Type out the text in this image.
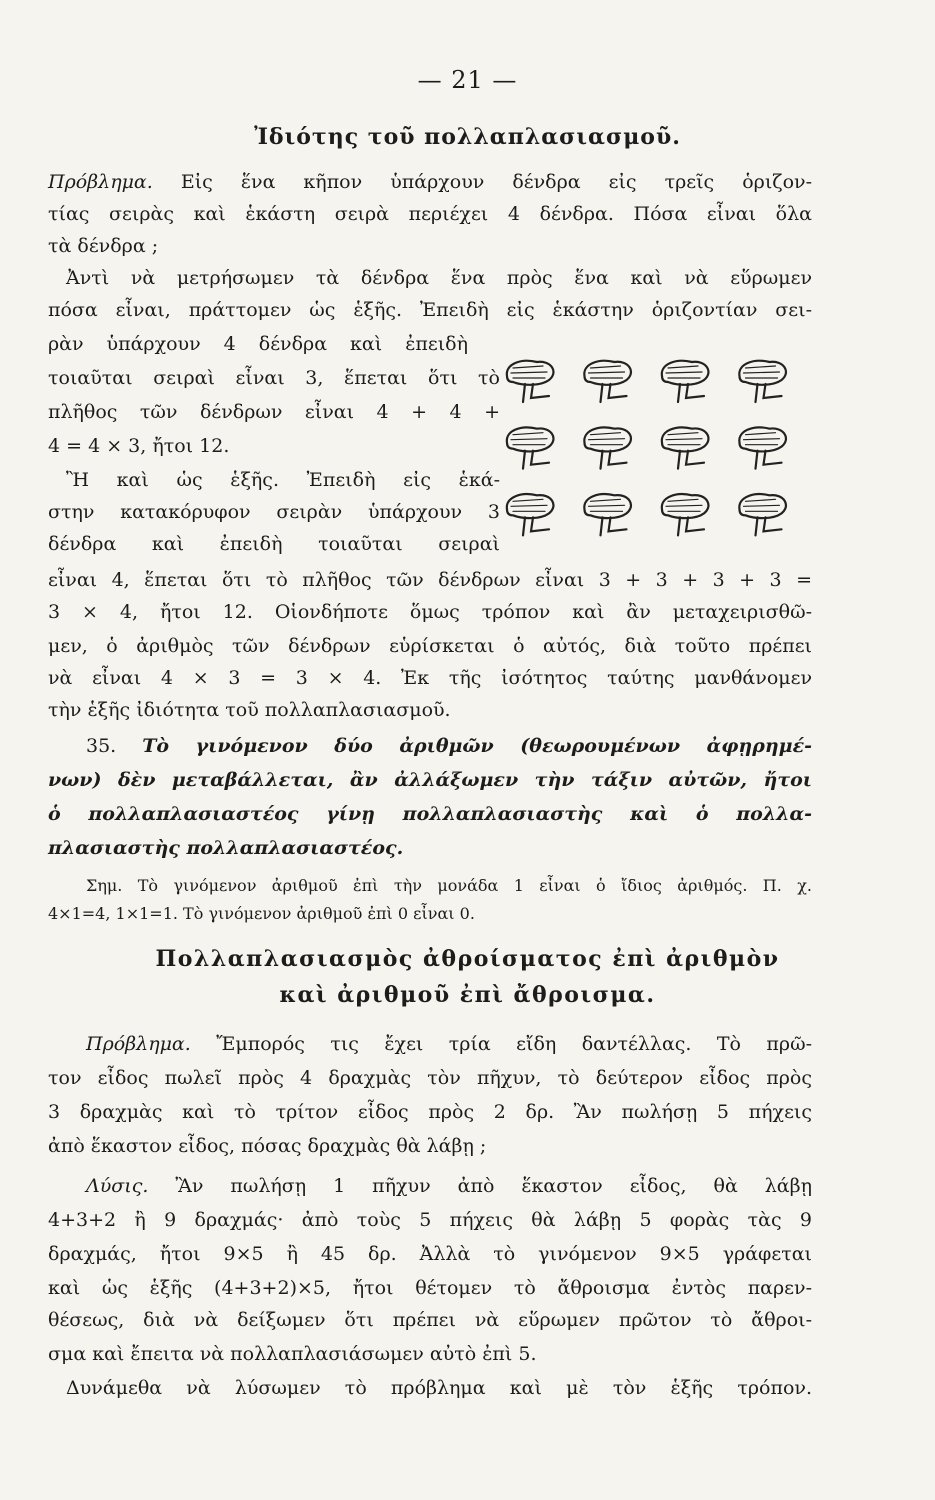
— 21 —
Ἰδιότης τοῦ πολλαπλασιασμοῦ.
Πρόβλημα. Εἰς ἕνα κῆπον ὑπάρχουν δένδρα εἰς τρεῖς ὁριζον-
τίας σειρὰς καὶ ἑκάστη σειρὰ περιέχει 4 δένδρα. Πόσα εἶναι ὅλα
τὰ δένδρα ;
Ἀντὶ νὰ μετρήσωμεν τὰ δένδρα ἕνα πρὸς ἕνα καὶ νὰ εὕρωμεν
πόσα εἶναι, πράττομεν ὡς ἑξῆς. Ἐπειδὴ εἰς ἑκάστην ὁριζοντίαν σει-
ρὰν ὑπάρχουν 4 δένδρα καὶ ἐπειδὴ
τοιαῦται σειραὶ εἶναι 3, ἕπεται ὅτι τὸ
πλῆθος τῶν δένδρων εἶναι 4 + 4 +
4 = 4 × 3, ἤτοι 12.
Ἢ καὶ ὡς ἑξῆς. Ἐπειδὴ εἰς ἑκά-
στην κατακόρυφον σειρὰν ὑπάρχουν 3
δένδρα καὶ ἐπειδὴ τοιαῦται σειραὶ
εἶναι 4, ἕπεται ὅτι τὸ πλῆθος τῶν δένδρων εἶναι 3 + 3 + 3 + 3 =
3 × 4, ἤτοι 12. Οἱονδήποτε ὅμως τρόπον καὶ ἂν μεταχειρισθῶ-
μεν, ὁ ἀριθμὸς τῶν δένδρων εὑρίσκεται ὁ αὐτός, διὰ τοῦτο πρέπει
νὰ εἶναι 4 × 3 = 3 × 4. Ἐκ τῆς ἰσότητος ταύτης μανθάνομεν
τὴν ἑξῆς ἰδιότητα τοῦ πολλαπλασιασμοῦ.
35. Τὸ γινόμενον δύο ἀριθμῶν (θεωρουμένων ἀφῃρημέ-
νων) δὲν μεταβάλλεται, ἂν ἀλλάξωμεν τὴν τάξιν αὐτῶν, ἤτοι
ὁ πολλαπλασιαστέος γίνῃ πολλαπλασιαστὴς καὶ ὁ πολλα-
πλασιαστὴς πολλαπλασιαστέος.
Σημ. Τὸ γινόμενον ἀριθμοῦ ἐπὶ τὴν μονάδα 1 εἶναι ὁ ἴδιος ἀριθμός. Π. χ.
4×1=4, 1×1=1. Τὸ γινόμενον ἀριθμοῦ ἐπὶ 0 εἶναι 0.
Πολλαπλασιασμὸς ἀθροίσματος ἐπὶ ἀριθμὸν
καὶ ἀριθμοῦ ἐπὶ ἄθροισμα.
Πρόβλημα. Ἔμπορός τις ἔχει τρία εἴδη δαντέλλας. Τὸ πρῶ-
τον εἶδος πωλεῖ πρὸς 4 δραχμὰς τὸν πῆχυν, τὸ δεύτερον εἶδος πρὸς
3 δραχμὰς καὶ τὸ τρίτον εἶδος πρὸς 2 δρ. Ἂν πωλήσῃ 5 πήχεις
ἀπὸ ἕκαστον εἶδος, πόσας δραχμὰς θὰ λάβῃ ;
Λύσις. Ἂν πωλήσῃ 1 πῆχυν ἀπὸ ἕκαστον εἶδος, θὰ λάβῃ
4+3+2 ἢ 9 δραχμάς· ἀπὸ τοὺς 5 πήχεις θὰ λάβῃ 5 φορὰς τὰς 9
δραχμάς, ἤτοι 9×5 ἢ 45 δρ. Ἀλλὰ τὸ γινόμενον 9×5 γράφεται
καὶ ὡς ἑξῆς (4+3+2)×5, ἤτοι θέτομεν τὸ ἄθροισμα ἐντὸς παρεν-
θέσεως, διὰ νὰ δείξωμεν ὅτι πρέπει νὰ εὕρωμεν πρῶτον τὸ ἄθροι-
σμα καὶ ἔπειτα νὰ πολλαπλασιάσωμεν αὐτὸ ἐπὶ 5.
Δυνάμεθα νὰ λύσωμεν τὸ πρόβλημα καὶ μὲ τὸν ἑξῆς τρόπον.
